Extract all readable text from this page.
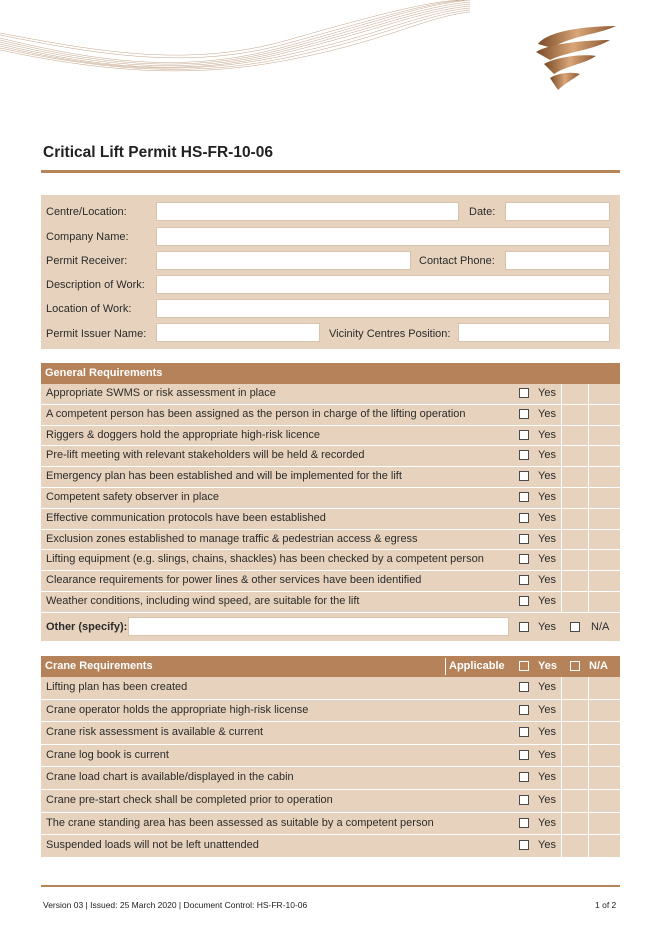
Critical Lift Permit HS-FR-10-06
Centre/Location:	Date:
Company Name:
Permit Receiver:	Contact Phone:
Description of Work:
Location of Work:
Permit Issuer Name:	Vicinity Centres Position:
General Requirements
Appropriate SWMS or risk assessment in place	Yes
A competent person has been assigned as the person in charge of the lifting operation	Yes
Riggers & doggers hold the appropriate high-risk licence	Yes
Pre-lift meeting with relevant stakeholders will be held & recorded	Yes
Emergency plan has been established and will be implemented for the lift	Yes
Competent safety observer in place	Yes
Effective communication protocols have been established	Yes
Exclusion zones established to manage traffic & pedestrian access & egress	Yes
Lifting equipment (e.g. slings, chains, shackles) has been checked by a competent person	Yes
Clearance requirements for power lines & other services have been identified	Yes
Weather conditions, including wind speed, are suitable for the lift	Yes
Other (specify):	Yes	N/A
Crane Requirements	Applicable	Yes	N/A
Lifting plan has been created	Yes
Crane operator holds the appropriate high-risk license	Yes
Crane risk assessment is available & current	Yes
Crane log book is current	Yes
Crane load chart is available/displayed in the cabin	Yes
Crane pre-start check shall be completed prior to operation	Yes
The crane standing area has been assessed as suitable by a competent person	Yes
Suspended loads will not be left unattended	Yes
Version 03 | Issued: 25 March 2020 | Document Control: HS-FR-10-06	1 of 2
